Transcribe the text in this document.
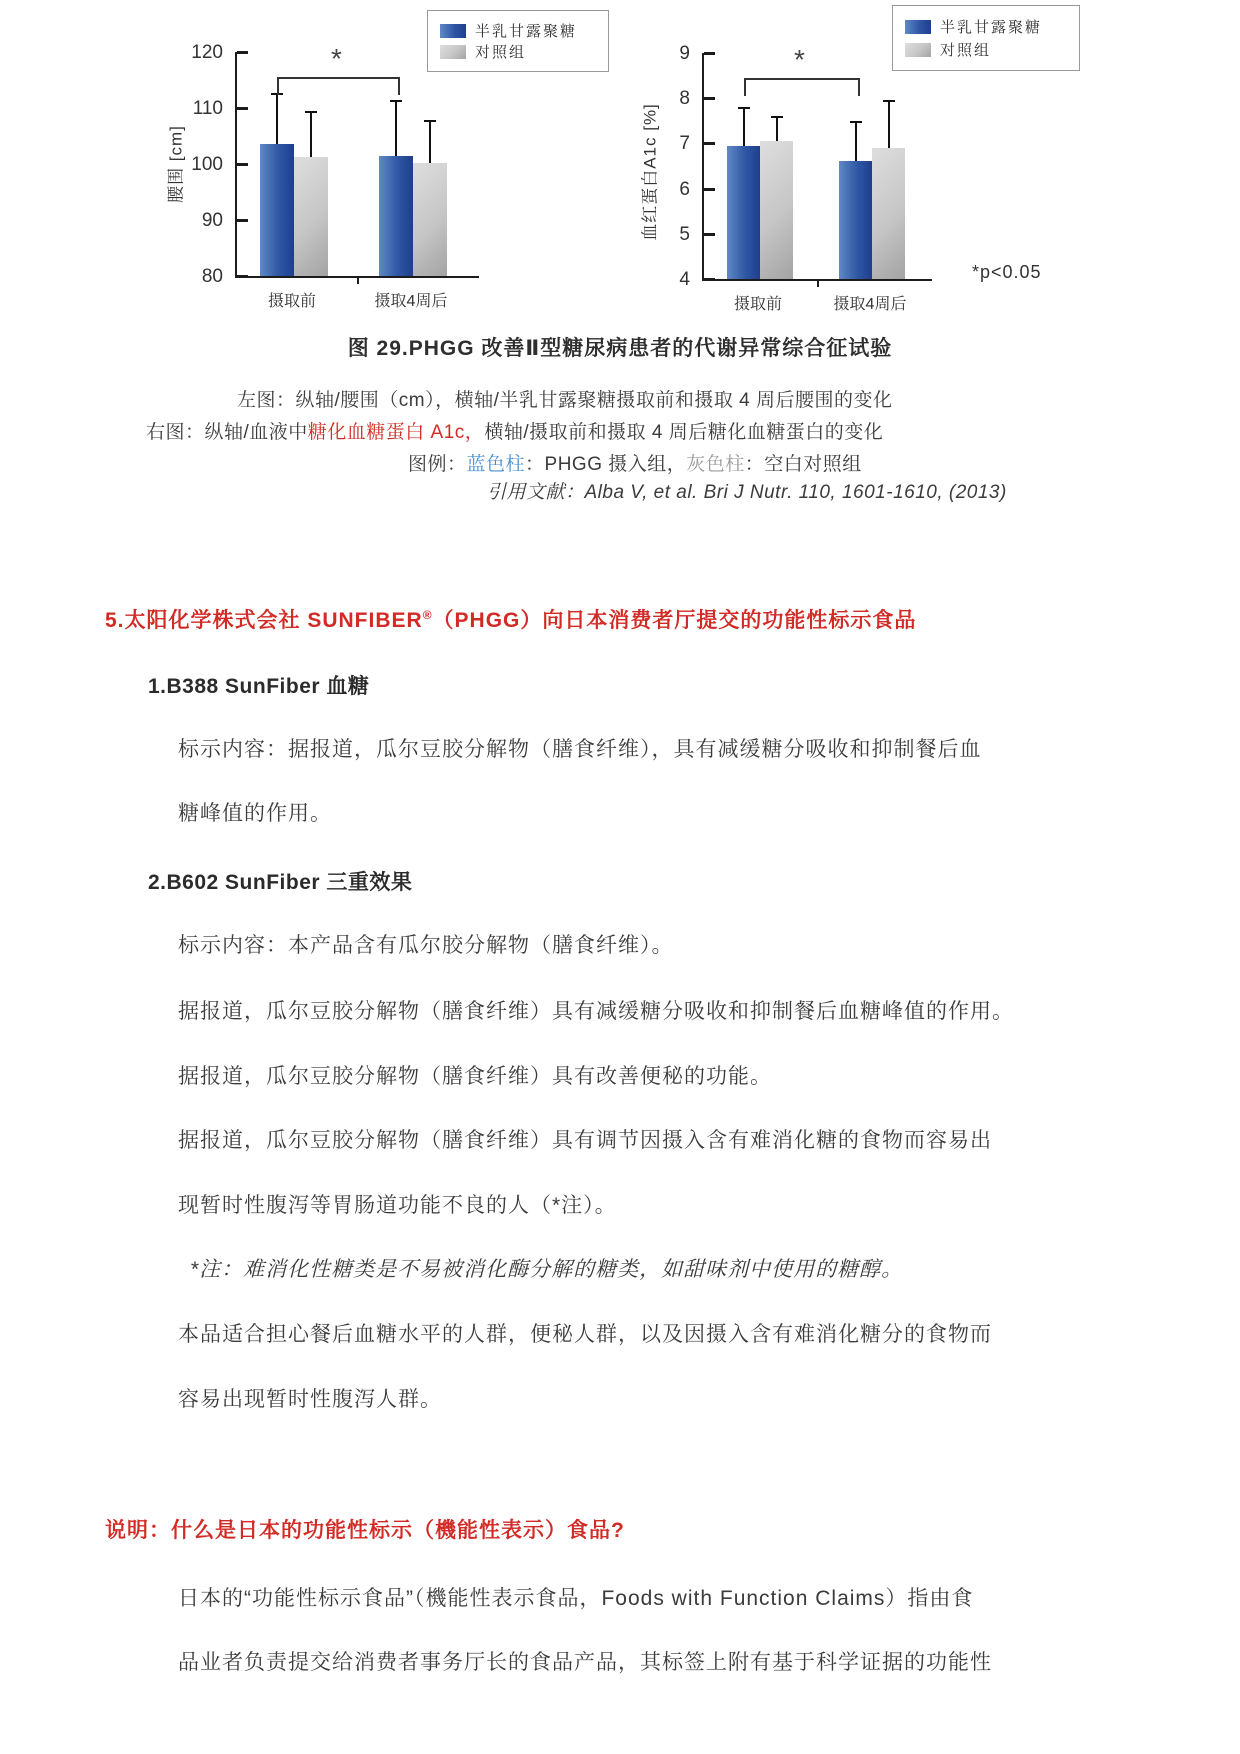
*
120
110
100
90
80
腰围 [cm]
摄取前	摄取4周后
半乳甘露聚糖
对照组	*
9
8
7
6
5
4
血红蛋白A1c [%]
摄取前	摄取4周后
半乳甘露聚糖
对照组
*p<0.05
图 29.PHGG 改善Ⅱ型糖尿病患者的代谢异常综合征试验
左图：纵轴/腰围（cm），横轴/半乳甘露聚糖摄取前和摄取 4 周后腰围的变化
右图：纵轴/血液中糖化血糖蛋白 A1c，横轴/摄取前和摄取 4 周后糖化血糖蛋白的变化
图例：蓝色柱：PHGG 摄入组，灰色柱：空白对照组
引用文献：Alba V, et al. Bri J Nutr. 110, 1601-1610, (2013)
5.太阳化学株式会社 SUNFIBER®（PHGG）向日本消费者厅提交的功能性标示食品
1.B388 SunFiber 血糖
标示内容：据报道，瓜尔豆胶分解物（膳食纤维），具有减缓糖分吸收和抑制餐后血
糖峰值的作用。
2.B602 SunFiber 三重效果
标示内容：本产品含有瓜尔胶分解物（膳食纤维）。
据报道，瓜尔豆胶分解物（膳食纤维）具有减缓糖分吸收和抑制餐后血糖峰值的作用。
据报道，瓜尔豆胶分解物（膳食纤维）具有改善便秘的功能。
据报道，瓜尔豆胶分解物（膳食纤维）具有调节因摄入含有难消化糖的食物而容易出
现暂时性腹泻等胃肠道功能不良的人（*注）。
*注：难消化性糖类是不易被消化酶分解的糖类，如甜味剂中使用的糖醇。
本品适合担心餐后血糖水平的人群，便秘人群，以及因摄入含有难消化糖分的食物而
容易出现暂时性腹泻人群。
说明：什么是日本的功能性标示（機能性表示）食品?
日本的“功能性标示食品”（機能性表示食品，Foods with Function Claims）指由食
品业者负责提交给消费者事务厅长的食品产品，其标签上附有基于科学证据的功能性
